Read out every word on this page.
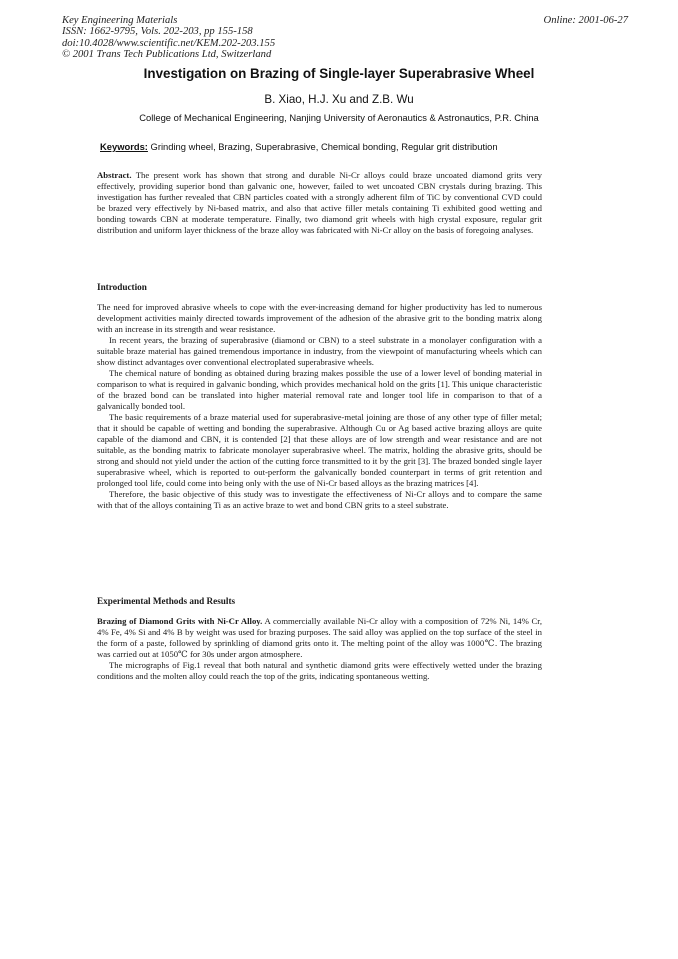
Key Engineering Materials
ISSN: 1662-9795, Vols. 202-203, pp 155-158
doi:10.4028/www.scientific.net/KEM.202-203.155
© 2001 Trans Tech Publications Ltd, Switzerland
Online: 2001-06-27
Investigation on Brazing of Single-layer Superabrasive Wheel
B. Xiao, H.J. Xu and Z.B. Wu
College of Mechanical Engineering, Nanjing University of Aeronautics & Astronautics, P.R. China
Keywords: Grinding wheel, Brazing, Superabrasive, Chemical bonding, Regular grit distribution

Abstract. The present work has shown that strong and durable Ni-Cr alloys could braze uncoated diamond grits very effectively, providing superior bond than galvanic one, however, failed to wet uncoated CBN crystals during brazing. This investigation has further revealed that CBN particles coated with a strongly adherent film of TiC by conventional CVD could be brazed very effectively by Ni-based matrix, and also that active filler metals containing Ti exhibited good wetting and bonding towards CBN at moderate temperature. Finally, two diamond grit wheels with high crystal exposure, regular grit distribution and uniform layer thickness of the braze alloy was fabricated with Ni-Cr alloy on the basis of foregoing analyses.

Introduction

The need for improved abrasive wheels to cope with the ever-increasing demand for higher productivity has led to numerous development activities mainly directed towards improvement of the adhesion of the abrasive grit to the bonding matrix along with an increase in its strength and wear resistance.

In recent years, the brazing of superabrasive (diamond or CBN) to a steel substrate in a monolayer configuration with a suitable braze material has gained tremendous importance in industry, from the viewpoint of manufacturing wheels which can show distinct advantages over conventional electroplated superabrasive wheels.

The chemical nature of bonding as obtained during brazing makes possible the use of a lower level of bonding material in comparison to what is required in galvanic bonding, which provides mechanical hold on the grits [1]. This unique characteristic of the brazed bond can be translated into higher material removal rate and longer tool life in comparison to that of a galvanically bonded tool.

The basic requirements of a braze material used for superabrasive-metal joining are those of any other type of filler metal; that it should be capable of wetting and bonding the superabrasive. Although Cu or Ag based active brazing alloys are quite capable of the diamond and CBN, it is contended [2] that these alloys are of low strength and wear resistance and are not suitable, as the bonding matrix to fabricate monolayer superabrasive wheel. The matrix, holding the abrasive grits, should be strong and should not yield under the action of the cutting force transmitted to it by the grit [3]. The brazed bonded single layer superabrasive wheel, which is reported to out-perform the galvanically bonded counterpart in terms of grit retention and prolonged tool life, could come into being only with the use of Ni-Cr based alloys as the brazing matrices [4].

Therefore, the basic objective of this study was to investigate the effectiveness of Ni-Cr alloys and to compare the same with that of the alloys containing Ti as an active braze to wet and bond CBN grits to a steel substrate.

Experimental Methods and Results

Brazing of Diamond Grits with Ni-Cr Alloy. A commercially available Ni-Cr alloy with a composition of 72% Ni, 14% Cr, 4% Fe, 4% Si and 4% B by weight was used for brazing purposes. The said alloy was applied on the top surface of the steel in the form of a paste, followed by sprinkling of diamond grits onto it. The melting point of the alloy was 1000℃. The brazing was carried out at 1050℃ for 30s under argon atmosphere.

The micrographs of Fig.1 reveal that both natural and synthetic diamond grits were effectively wetted under the brazing conditions and the molten alloy could reach the top of the grits, indicating spontaneous wetting.
